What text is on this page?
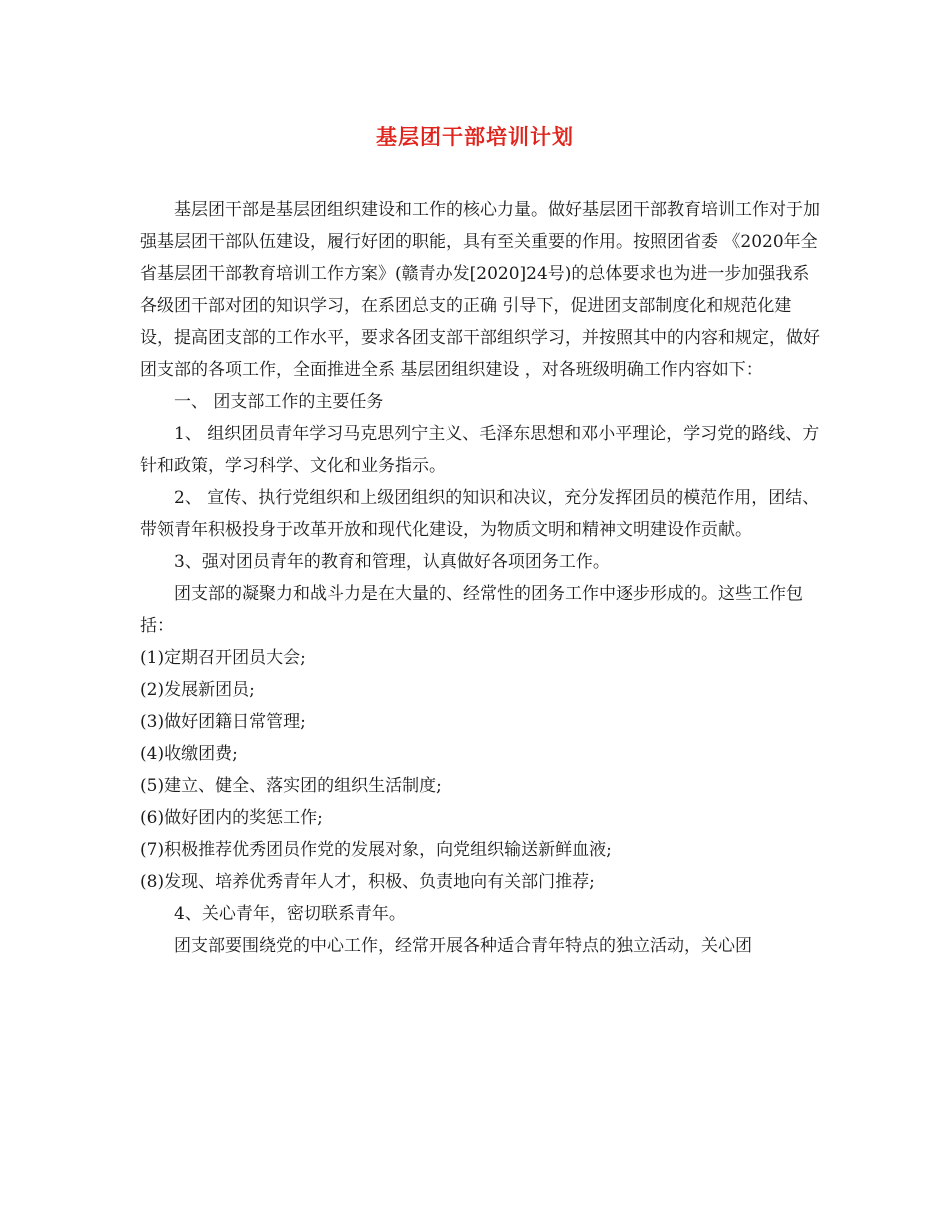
基层团干部培训计划

基层团干部是基层团组织建设和工作的核心力量。做好基层团干部教育培训工作对于加强基层团干部队伍建设，履行好团的职能，具有至关重要的作用。按照团省委 《2020年全省基层团干部教育培训工作方案》(赣青办发[2020]24号)的总体要求也为进一步加强我系各级团干部对团的知识学习，在系团总支的正确 引导下，促进团支部制度化和规范化建设，提高团支部的工作水平，要求各团支部干部组织学习，并按照其中的内容和规定，做好团支部的各项工作，全面推进全系 基层团组织建设 ，对各班级明确工作内容如下：

一、 团支部工作的主要任务

1、 组织团员青年学习马克思列宁主义、毛泽东思想和邓小平理论，学习党的路线、方针和政策，学习科学、文化和业务指示。

2、 宣传、执行党组织和上级团组织的知识和决议，充分发挥团员的模范作用，团结、带领青年积极投身于改革开放和现代化建设，为物质文明和精神文明建设作贡献。

3、强对团员青年的教育和管理，认真做好各项团务工作。

团支部的凝聚力和战斗力是在大量的、经常性的团务工作中逐步形成的。这些工作包括：

(1)定期召开团员大会;

(2)发展新团员;

(3)做好团籍日常管理;

(4)收缴团费;

(5)建立、健全、落实团的组织生活制度;

(6)做好团内的奖惩工作;

(7)积极推荐优秀团员作党的发展对象，向党组织输送新鲜血液;

(8)发现、培养优秀青年人才，积极、负责地向有关部门推荐;

4、关心青年，密切联系青年。

团支部要围绕党的中心工作，经常开展各种适合青年特点的独立活动，关心团
